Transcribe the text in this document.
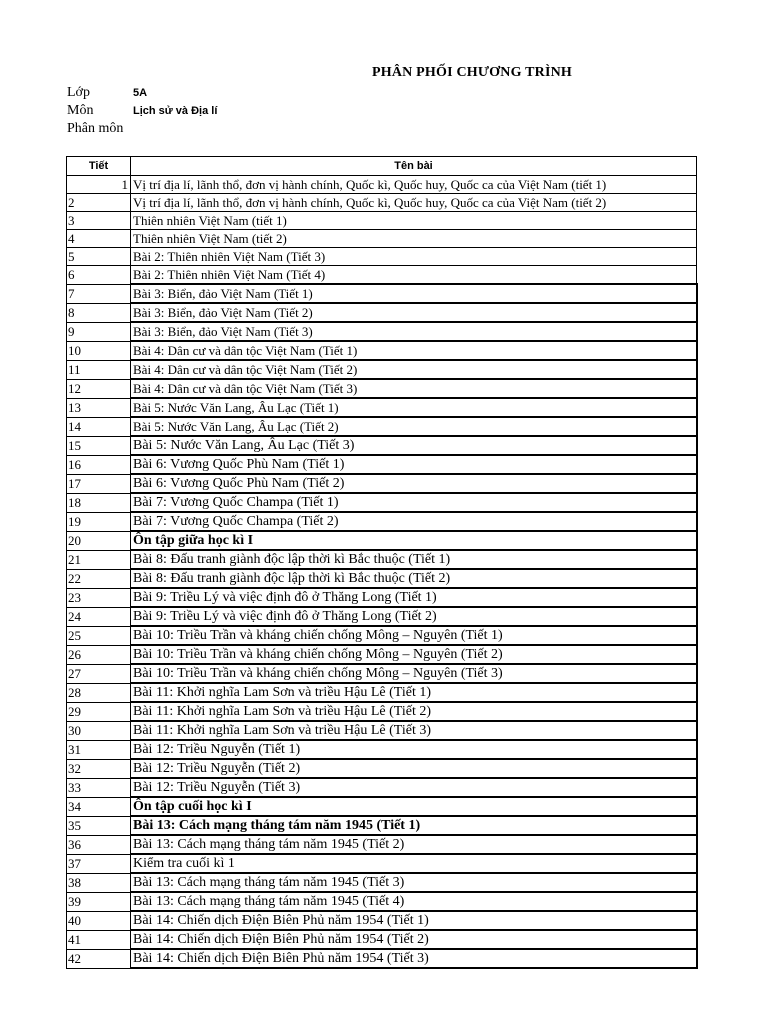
PHÂN PHỐI CHƯƠNG TRÌNH
Lớp	5A
Môn	Lịch sử và Địa lí
Phân môn
Tiết	Tên bài
1	Vị trí địa lí, lãnh thổ, đơn vị hành chính, Quốc kì, Quốc huy, Quốc ca của Việt Nam (tiết 1)
2	Vị trí địa lí, lãnh thổ, đơn vị hành chính, Quốc kì, Quốc huy, Quốc ca của Việt Nam (tiết 2)
3	Thiên nhiên Việt Nam (tiết 1)
4	Thiên nhiên Việt Nam (tiết 2)
5	Bài 2: Thiên nhiên Việt Nam (Tiết 3)
6	Bài 2: Thiên nhiên Việt Nam (Tiết 4)
7	Bài 3: Biển, đảo Việt Nam (Tiết 1)
8	Bài 3: Biển, đảo Việt Nam (Tiết 2)
9	Bài 3: Biển, đảo Việt Nam (Tiết 3)
10	Bài 4: Dân cư và dân tộc Việt Nam (Tiết 1)
11	Bài 4: Dân cư và dân tộc Việt Nam (Tiết 2)
12	Bài 4: Dân cư và dân tộc Việt Nam (Tiết 3)
13	Bài 5: Nước Văn Lang, Âu Lạc (Tiết 1)
14	Bài 5: Nước Văn Lang, Âu Lạc (Tiết 2)
15	Bài 5: Nước Văn Lang, Âu Lạc (Tiết 3)
16	Bài 6: Vương Quốc Phù Nam (Tiết 1)
17	Bài 6: Vương Quốc Phù Nam (Tiết 2)
18	Bài 7: Vương Quốc Champa (Tiết 1)
19	Bài 7: Vương Quốc Champa (Tiết 2)
20	Ôn tập giữa học kì I
21	Bài 8: Đấu tranh giành độc lập thời kì Bắc thuộc (Tiết 1)
22	Bài 8: Đấu tranh giành độc lập thời kì Bắc thuộc (Tiết 2)
23	Bài 9: Triều Lý và việc định đô ở Thăng Long (Tiết 1)
24	Bài 9: Triều Lý và việc định đô ở Thăng Long (Tiết 2)
25	Bài 10: Triều Trần và kháng chiến chống Mông – Nguyên (Tiết 1)
26	Bài 10: Triều Trần và kháng chiến chống Mông – Nguyên (Tiết 2)
27	Bài 10: Triều Trần và kháng chiến chống Mông – Nguyên (Tiết 3)
28	Bài 11: Khởi nghĩa Lam Sơn và triều Hậu Lê (Tiết 1)
29	Bài 11: Khởi nghĩa Lam Sơn và triều Hậu Lê (Tiết 2)
30	Bài 11: Khởi nghĩa Lam Sơn và triều Hậu Lê (Tiết 3)
31	Bài 12: Triều Nguyễn (Tiết 1)
32	Bài 12: Triều Nguyễn (Tiết 2)
33	Bài 12: Triều Nguyễn (Tiết 3)
34	Ôn tập cuối học kì I
35	Bài 13: Cách mạng tháng tám năm 1945 (Tiết 1)
36	Bài 13: Cách mạng tháng tám năm 1945 (Tiết 2)
37	Kiểm tra cuối kì 1
38	Bài 13: Cách mạng tháng tám năm 1945 (Tiết 3)
39	Bài 13: Cách mạng tháng tám năm 1945 (Tiết 4)
40	Bài 14: Chiến dịch Điện Biên Phủ năm 1954 (Tiết 1)
41	Bài 14: Chiến dịch Điện Biên Phủ năm 1954 (Tiết 2)
42	Bài 14: Chiến dịch Điện Biên Phủ năm 1954 (Tiết 3)
